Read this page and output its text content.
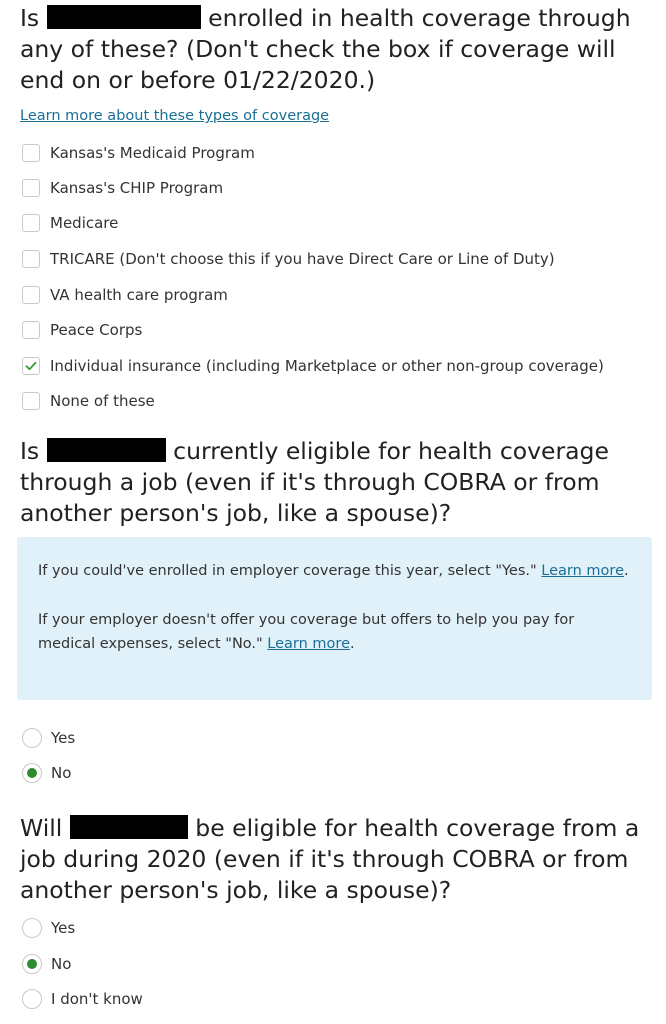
Is	enrolled in health coverage through any of these? (Don't check the box if coverage will end on or before 01/22/2020.)
Learn more about these types of coverage
Kansas's Medicaid Program
Kansas's CHIP Program
Medicare
TRICARE (Don't choose this if you have Direct Care or Line of Duty)
VA health care program
Peace Corps
Individual insurance (including Marketplace or other non-group coverage)
None of these
Is	currently eligible for health coverage through a job (even if it's through COBRA or from another person's job, like a spouse)?

If you could've enrolled in employer coverage this year, select "Yes." Learn more.

If your employer doesn't offer you coverage but offers to help you pay for medical expenses, select "No." Learn more.

Yes
No
Will	be eligible for health coverage from a job during 2020 (even if it's through COBRA or from another person's job, like a spouse)?
Yes
No
I don't know
